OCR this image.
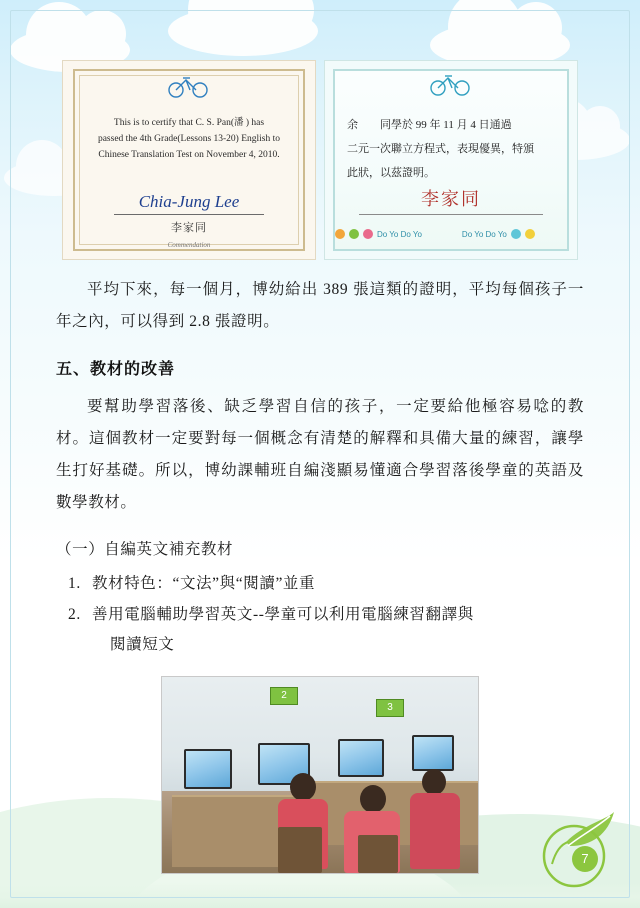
This is to certify that C. S. Pan(潘 ) has
passed the 4th Grade(Lessons 13-20) English to
Chinese Translation Test on November 4, 2010.
Chia-Jung Lee
李家同
Commendation
余　　同學於 99 年 11 月 4 日通過
二元一次聯立方程式，表現優異，特頒
此狀，以茲證明。
李家同
Do Yo Do Yo　　　　　Do Yo Do Yo

平均下來，每一個月，博幼給出 389 張這類的證明，平均每個孩子一年之內，可以得到 2.8 張證明。

五、教材的改善

要幫助學習落後、缺乏學習自信的孩子，一定要給他極容易唸的教材。這個教材一定要對每一個概念有清楚的解釋和具備大量的練習，讓學生打好基礎。所以，博幼課輔班自編淺顯易懂適合學習落後學童的英語及數學教材。

（一）自編英文補充教材

1. 教材特色：“文法”與“閱讀”並重
2. 善用電腦輔助學習英文--學童可以利用電腦練習翻譯與
閱讀短文
2
3
7
